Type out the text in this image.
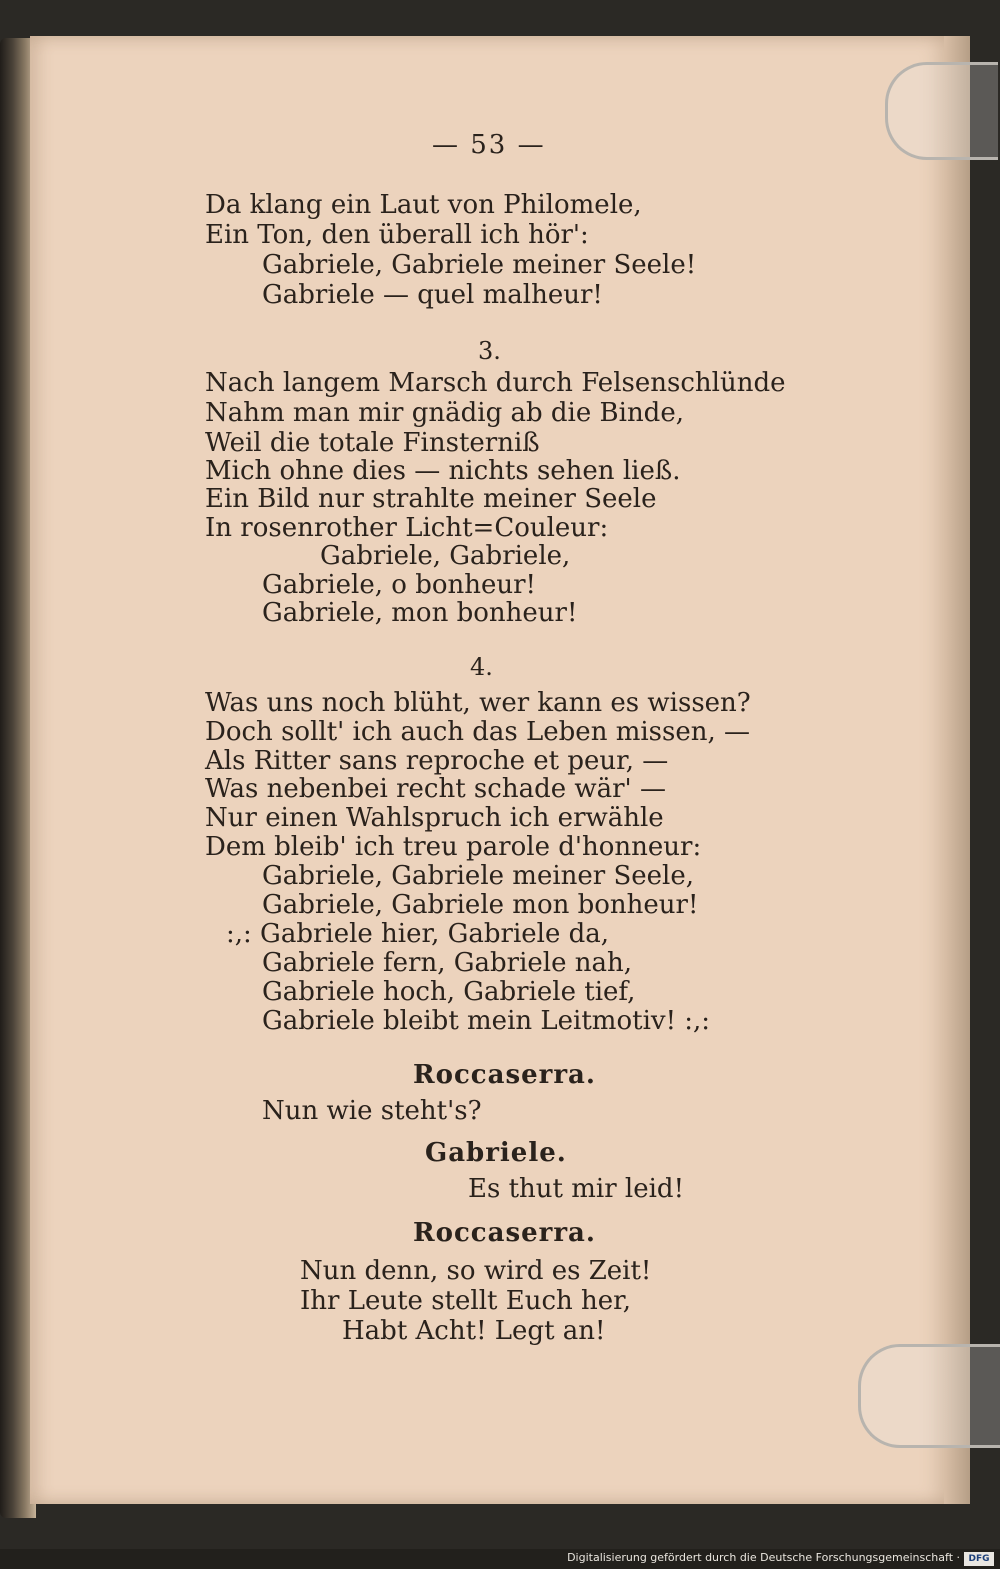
— 53 —
Da klang ein Laut von Philomele,
Ein Ton, den überall ich hör':
Gabriele, Gabriele meiner Seele!
Gabriele — quel malheur!
3.
Nach langem Marsch durch Felsenschlünde
Nahm man mir gnädig ab die Binde,
Weil die totale Finsterniß
Mich ohne dies — nichts sehen ließ.
Ein Bild nur strahlte meiner Seele
In rosenrother Licht=Couleur:
Gabriele, Gabriele,
Gabriele, o bonheur!
Gabriele, mon bonheur!
4.
Was uns noch blüht, wer kann es wissen?
Doch sollt' ich auch das Leben missen, —
Als Ritter sans reproche et peur, —
Was nebenbei recht schade wär' —
Nur einen Wahlspruch ich erwähle
Dem bleib' ich treu parole d'honneur:
Gabriele, Gabriele meiner Seele,
Gabriele, Gabriele mon bonheur!
:,: Gabriele hier, Gabriele da,
Gabriele fern, Gabriele nah,
Gabriele hoch, Gabriele tief,
Gabriele bleibt mein Leitmotiv! :,:
Roccaserra.
Nun wie steht's?
Gabriele.
Es thut mir leid!
Roccaserra.
Nun denn, so wird es Zeit!
Ihr Leute stellt Euch her,
Habt Acht! Legt an!
Digitalisierung gefördert durch die Deutsche Forschungsgemeinschaft · DFG
